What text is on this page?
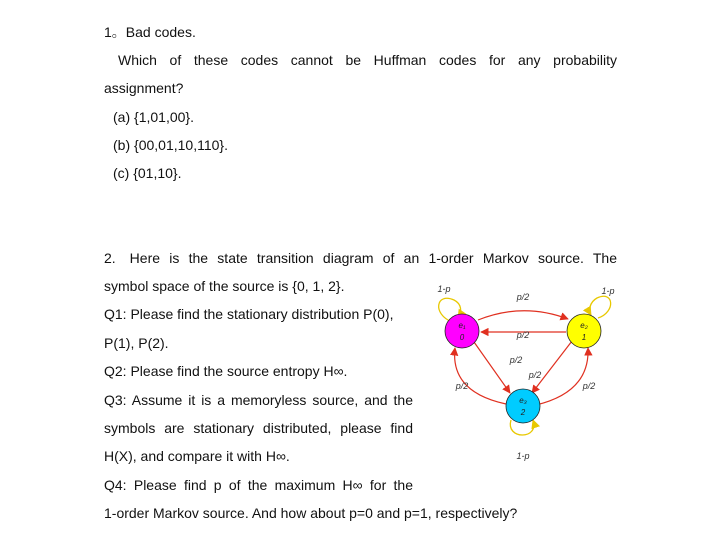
1。Bad codes.
Which of these codes cannot be Huffman codes for any probability
assignment?
(a) {1,01,00}.
(b) {00,01,10,110}.
(c) {01,10}.
2. Here is the state transition diagram of an 1-order Markov source. The
symbol space of the source is {0, 1, 2}.
Q1: Please find the stationary distribution P(0),
P(1), P(2).
Q2: Please find the source entropy H∞.
Q3: Assume it is a memoryless source, and the
symbols are stationary distributed, please find
H(X), and compare it with H∞.
Q4: Please find p of the maximum H∞ for the
1-order Markov source. And how about p=0 and p=1, respectively?
e₁
0
e₂
1
e₃
2
1-p	1-p
1-p
p/2
p/2
p/2
p/2
p/2	p/2
